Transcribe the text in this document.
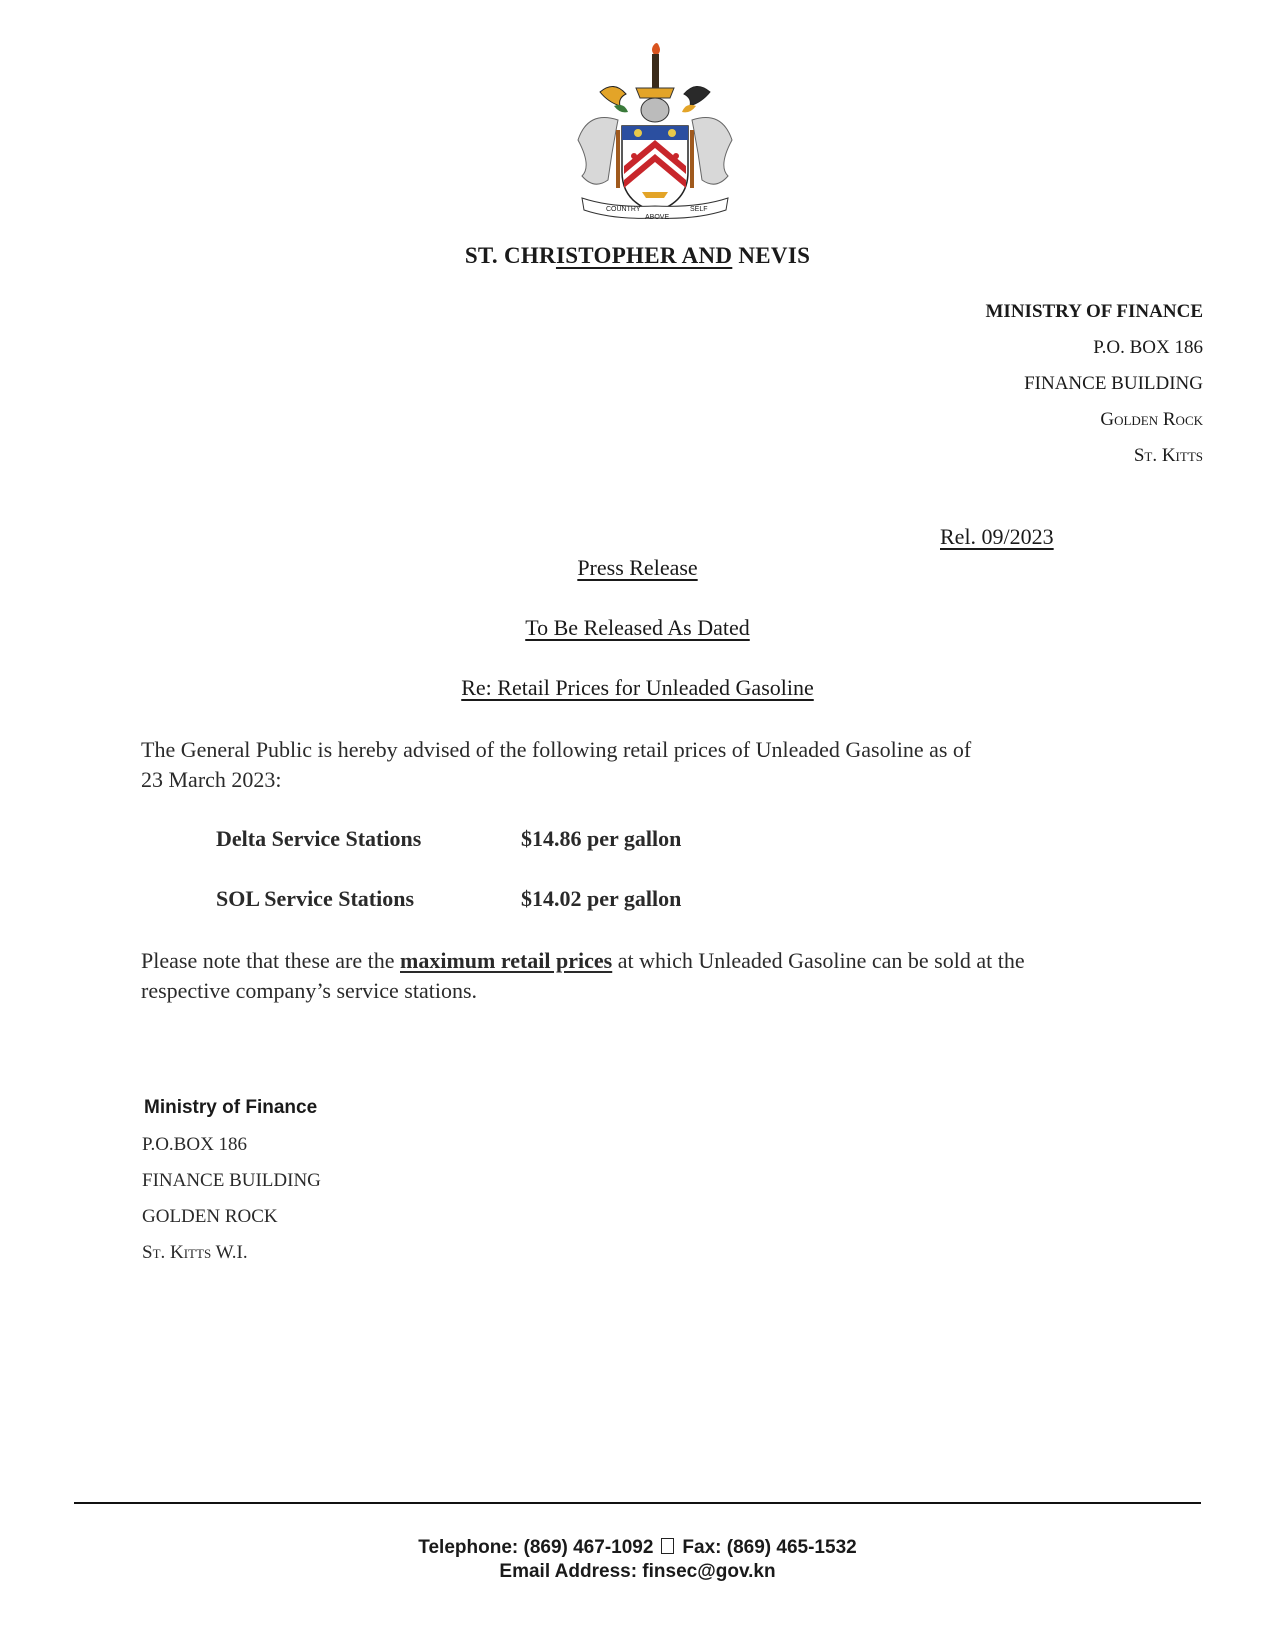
COUNTRY
ABOVE
SELF
ST. CHRISTOPHER AND NEVIS
MINISTRY OF FINANCE
P.O. BOX 186
FINANCE BUILDING
Golden Rock
St. Kitts
Rel. 09/2023
Press Release
To Be Released As Dated
Re: Retail Prices for Unleaded Gasoline
The General Public is hereby advised of the following retail prices of Unleaded Gasoline as of
23 March 2023:
Delta Service Stations	$14.86 per gallon
SOL Service Stations	$14.02 per gallon
Please note that these are the maximum retail prices at which Unleaded Gasoline can be sold at the
respective company’s service stations.
Ministry of Finance
P.O.BOX 186
FINANCE BUILDING
GOLDEN ROCK
St. Kitts W.I.
Telephone: (869) 467-1092 Fax: (869) 465-1532
Email Address: finsec@gov.kn
